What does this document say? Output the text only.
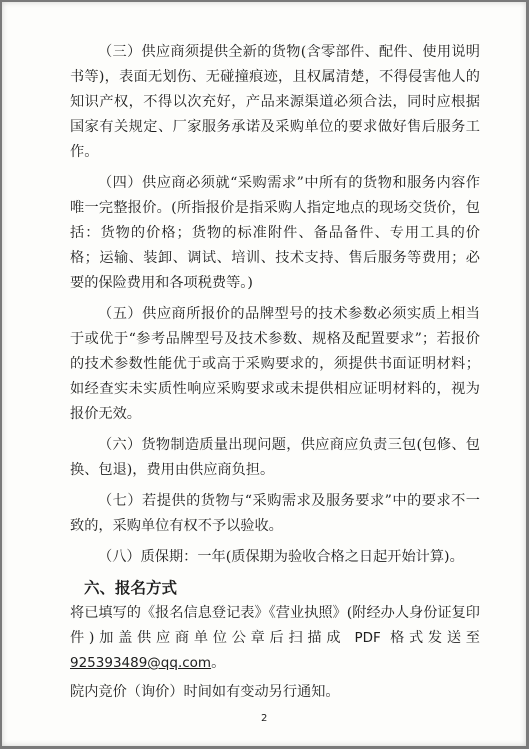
（三）供应商须提供全新的货物(含零部件、配件、使用说明书等)，表面无划伤、无碰撞痕迹，且权属清楚，不得侵害他人的知识产权，不得以次充好，产品来源渠道必须合法，同时应根据国家有关规定、厂家服务承诺及采购单位的要求做好售后服务工作。

（四）供应商必须就“采购需求”中所有的货物和服务内容作唯一完整报价。(所指报价是指采购人指定地点的现场交货价，包括：货物的价格；货物的标准附件、备品备件、专用工具的价格；运输、装卸、调试、培训、技术支持、售后服务等费用；必要的保险费用和各项税费等。)

（五）供应商所报价的品牌型号的技术参数必须实质上相当于或优于“参考品牌型号及技术参数、规格及配置要求”；若报价的技术参数性能优于或高于采购要求的，须提供书面证明材料；如经查实未实质性响应采购要求或未提供相应证明材料的，视为报价无效。

（六）货物制造质量出现问题，供应商应负责三包(包修、包换、包退)，费用由供应商负担。

（七）若提供的货物与“采购需求及服务要求”中的要求不一致的，采购单位有权不予以验收。

（八）质保期：一年(质保期为验收合格之日起开始计算)。

六、报名方式

将已填写的《报名信息登记表》《营业执照》(附经办人身份证复印件)加盖供应商单位公章后扫描成 PDF 格式发送至 925393489@qq.com。

院内竞价（询价）时间如有变动另行通知。

2
